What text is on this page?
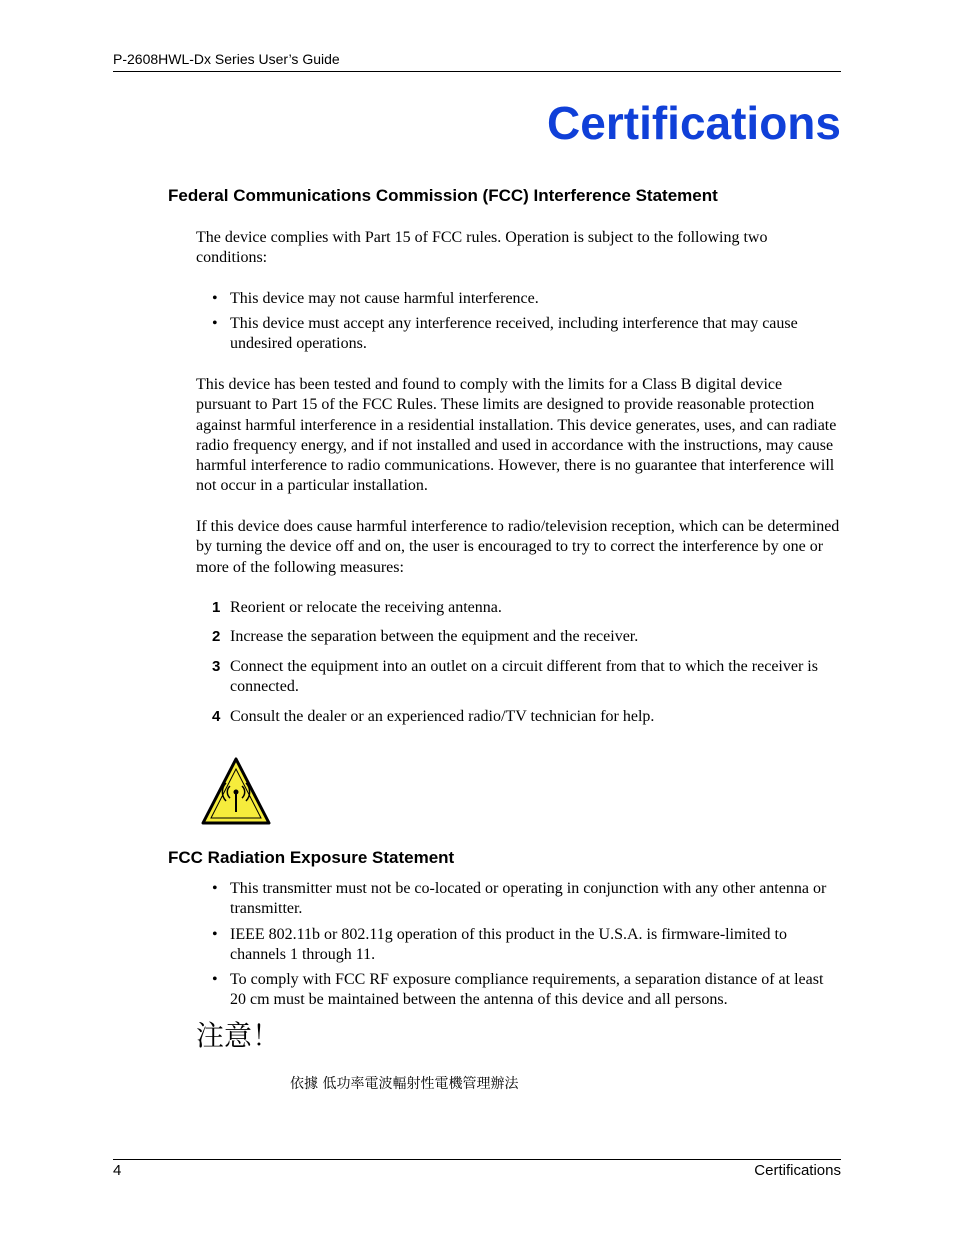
P-2608HWL-Dx Series User’s Guide
Certifications
Federal Communications Commission (FCC) Interference Statement
The device complies with Part 15 of FCC rules. Operation is subject to the following two conditions:
• This device may not cause harmful interference.
• This device must accept any interference received, including interference that may cause undesired operations.
This device has been tested and found to comply with the limits for a Class B digital device pursuant to Part 15 of the FCC Rules. These limits are designed to provide reasonable protection against harmful interference in a residential installation. This device generates, uses, and can radiate radio frequency energy, and if not installed and used in accordance with the instructions, may cause harmful interference to radio communications. However, there is no guarantee that interference will not occur in a particular installation.
If this device does cause harmful interference to radio/television reception, which can be determined by turning the device off and on, the user is encouraged to try to correct the interference by one or more of the following measures:
1 Reorient or relocate the receiving antenna.
2 Increase the separation between the equipment and the receiver.
3 Connect the equipment into an outlet on a circuit different from that to which the receiver is connected.
4 Consult the dealer or an experienced radio/TV technician for help.
FCC Radiation Exposure Statement
• This transmitter must not be co-located or operating in conjunction with any other antenna or transmitter.
• IEEE 802.11b or 802.11g operation of this product in the U.S.A. is firmware-limited to channels 1 through 11.
• To comply with FCC RF exposure compliance requirements, a separation distance of at least 20 cm must be maintained between the antenna of this device and all persons.
注意！
依據 低功率電波輻射性電機管理辦法
4	Certifications
